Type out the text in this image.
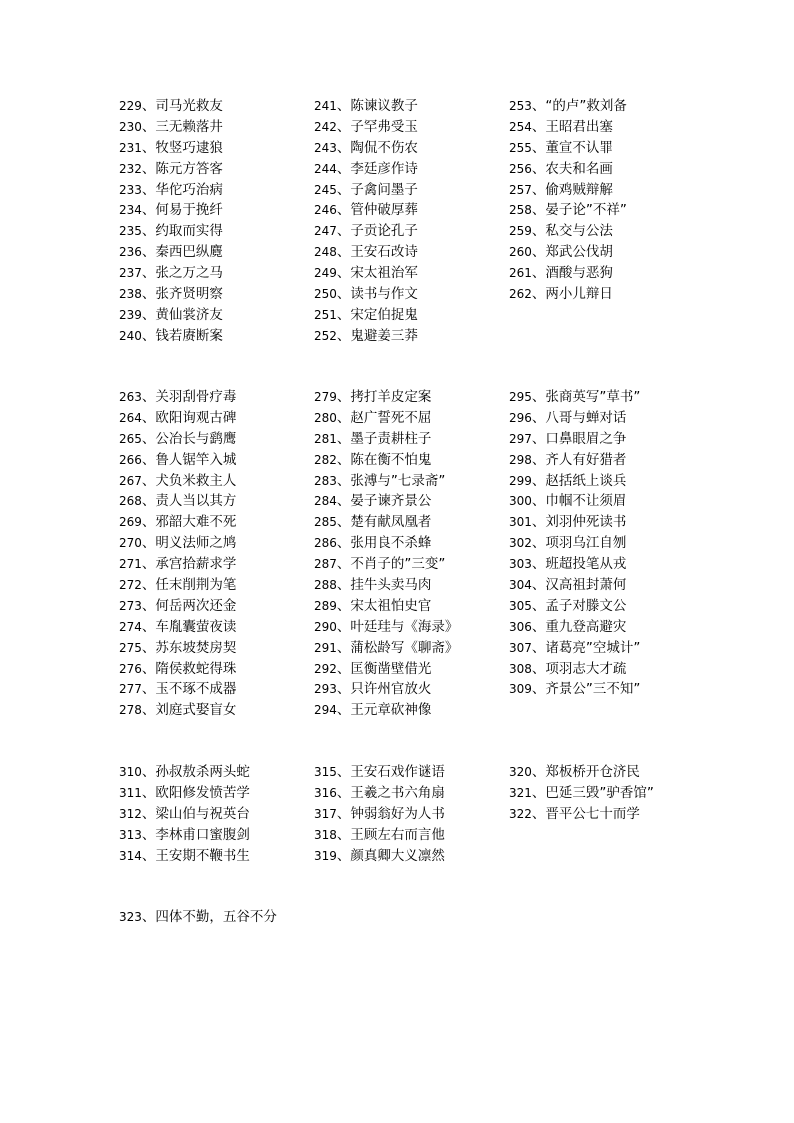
229、司马光救友
230、三无赖落井
231、牧竖巧逮狼
232、陈元方答客
233、华佗巧治病
234、何易于挽纤
235、约取而实得
236、秦西巴纵麑
237、张之万之马
238、张齐贤明察
239、黄仙裳济友
240、钱若赓断案
241、陈谏议教子
242、子罕弗受玉
243、陶侃不伤农
244、李廷彦作诗
245、子禽问墨子
246、管仲破厚葬
247、子贡论孔子
248、王安石改诗
249、宋太祖治军
250、读书与作文
251、宋定伯捉鬼
252、鬼避姜三莽
253、“的卢”救刘备
254、王昭君出塞
255、董宣不认罪
256、农夫和名画
257、偷鸡贼辩解
258、晏子论”不祥”
259、私交与公法
260、郑武公伐胡
261、酒酸与恶狗
262、两小儿辩日
263、关羽刮骨疗毒
264、欧阳询观古碑
265、公冶长与鹞鹰
266、鲁人锯竿入城
267、犬负米救主人
268、责人当以其方
269、邪韶大难不死
270、明义法师之鸠
271、承宫拾薪求学
272、任末削荆为笔
273、何岳两次还金
274、车胤囊萤夜读
275、苏东坡焚房契
276、隋侯救蛇得珠
277、玉不琢不成器
278、刘庭式娶盲女
279、拷打羊皮定案
280、赵广誓死不屈
281、墨子责耕柱子
282、陈在衡不怕鬼
283、张溥与”七录斋”
284、晏子谏齐景公
285、楚有献凤凰者
286、张用良不杀蜂
287、不肖子的”三变”
288、挂牛头卖马肉
289、宋太祖怕史官
290、叶廷珪与《海录》
291、蒲松龄写《聊斋》
292、匡衡凿壁借光
293、只许州官放火
294、王元章砍神像
295、张商英写”草书”
296、八哥与蝉对话
297、口鼻眼眉之争
298、齐人有好猎者
299、赵括纸上谈兵
300、巾帼不让须眉
301、刘羽仲死读书
302、项羽乌江自刎
303、班超投笔从戎
304、汉高祖封萧何
305、孟子对滕文公
306、重九登高避灾
307、诸葛亮”空城计”
308、项羽志大才疏
309、齐景公”三不知”
310、孙叔敖杀两头蛇
311、欧阳修发愤苦学
312、梁山伯与祝英台
313、李林甫口蜜腹剑
314、王安期不鞭书生
315、王安石戏作谜语
316、王羲之书六角扇
317、钟弱翁好为人书
318、王顾左右而言他
319、颜真卿大义凛然
320、郑板桥开仓济民
321、巴延三毁”驴香馆”
322、晋平公七十而学
323、四体不勤，五谷不分
